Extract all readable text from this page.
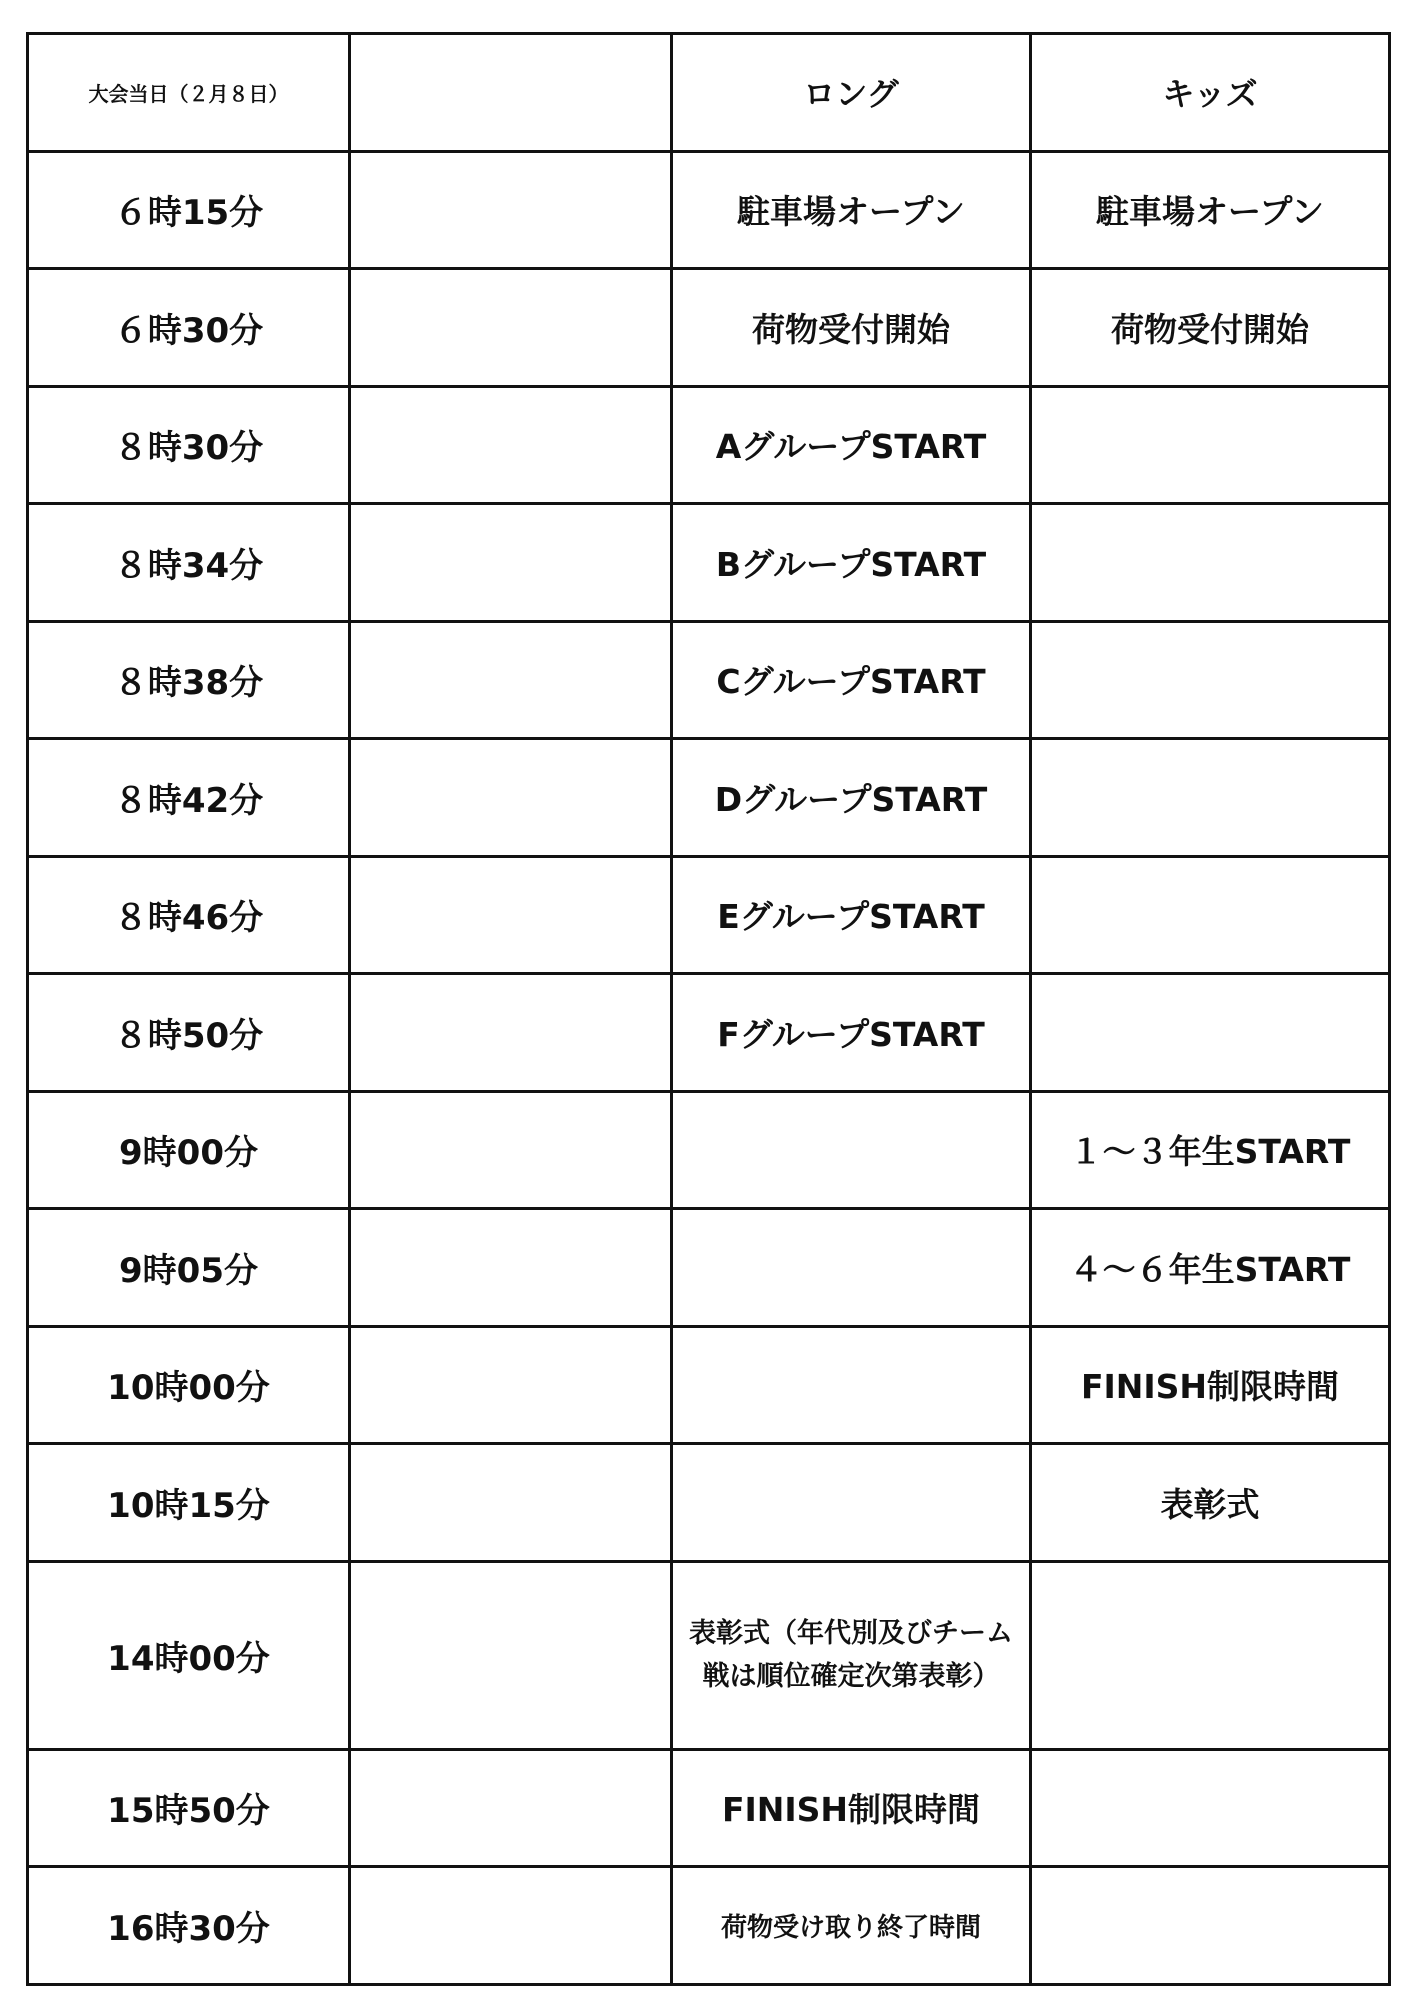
大会当日（２月８日）		ロング	キッズ
６時15分		駐車場オープン	駐車場オープン
６時30分		荷物受付開始	荷物受付開始
８時30分		AグループSTART	
８時34分		BグループSTART	
８時38分		CグループSTART	
８時42分		DグループSTART	
８時46分		EグループSTART	
８時50分		FグループSTART	
9時00分			１～３年生START
9時05分			４～６年生START
10時00分			FINISH制限時間
10時15分			表彰式
14時00分		表彰式（年代別及びチーム戦は順位確定次第表彰）	
15時50分		FINISH制限時間	
16時30分		荷物受け取り終了時間	
